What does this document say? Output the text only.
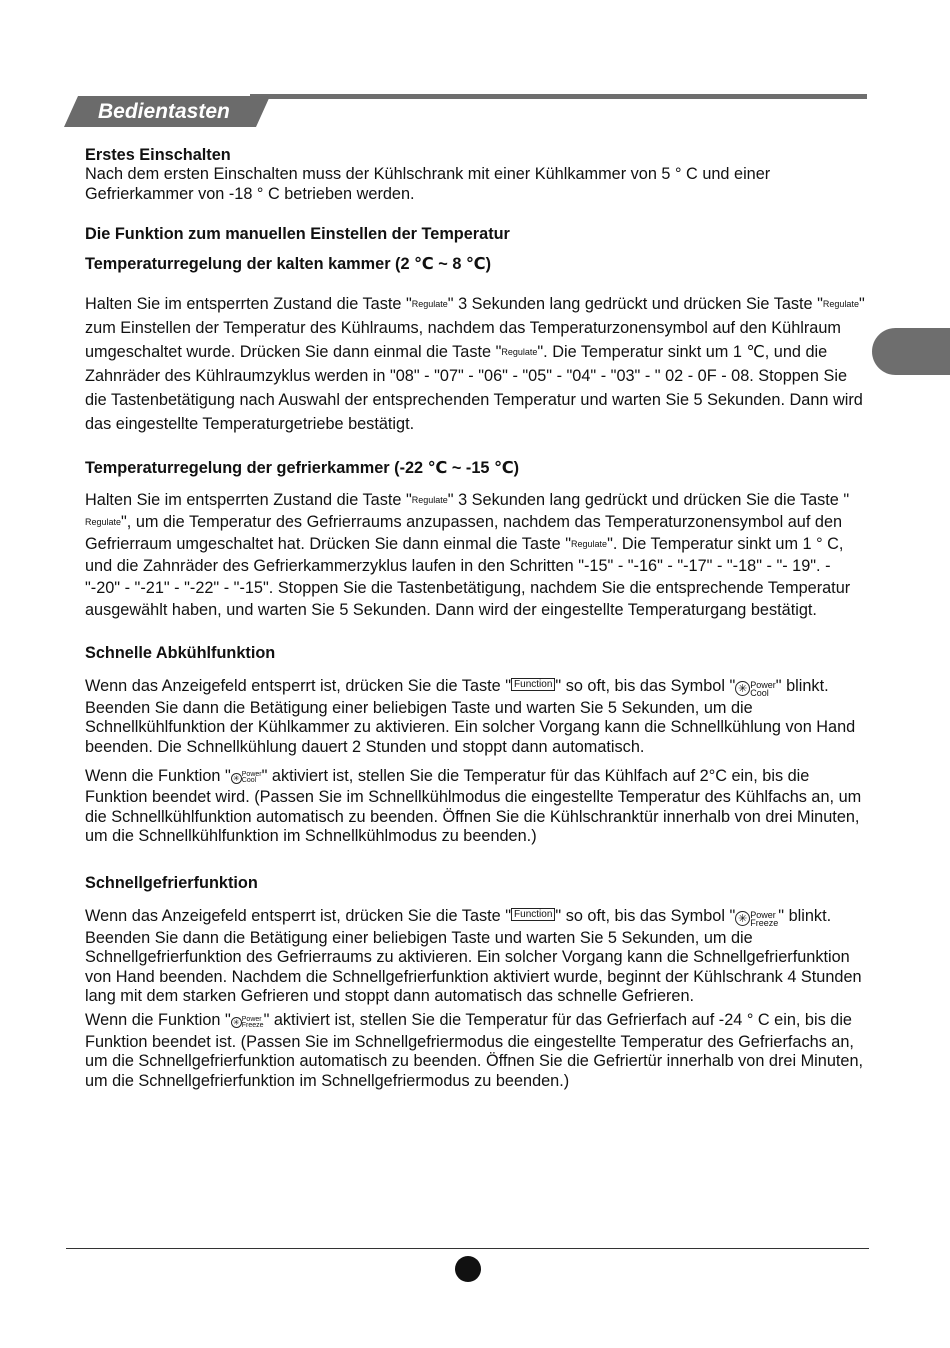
Bedientasten
Erstes Einschalten

Nach dem ersten Einschalten muss der Kühlschrank mit einer Kühlkammer von 5 ° C und einer Gefrierkammer von -18 ° C betrieben werden.

Die Funktion zum manuellen Einstellen der Temperatur
Temperaturregelung der kalten kammer (2 ℃ ~ 8 ℃)

Halten Sie im entsperrten Zustand die Taste "Regulate" 3 Sekunden lang gedrückt und drücken Sie Taste "Regulate" zum Einstellen der Temperatur des Kühlraums, nachdem das Temperaturzonensymbol auf den Kühlraum umgeschaltet wurde. Drücken Sie dann einmal die Taste "Regulate". Die Temperatur sinkt um 1 ℃, und die Zahnräder des Kühlraumzyklus werden in "08" - "07" - "06" - "05" - "04" - "03" - " 02 - 0F - 08. Stoppen Sie die Tastenbetätigung nach Auswahl der entsprechenden Temperatur und warten Sie 5 Sekunden. Dann wird das eingestellte Temperaturgetriebe bestätigt.

Temperaturregelung der gefrierkammer (-22 ℃ ~ -15 ℃)

Halten Sie im entsperrten Zustand die Taste "Regulate" 3 Sekunden lang gedrückt und drücken Sie die Taste "Regulate", um die Temperatur des Gefrierraums anzupassen, nachdem das Temperaturzonensymbol auf den Gefrierraum umgeschaltet hat. Drücken Sie dann einmal die Taste "Regulate". Die Temperatur sinkt um 1 ° C, und die Zahnräder des Gefrierkammerzyklus laufen in den Schritten "-15" - "-16" - "-17" - "-18" - "- 19". - "-20" - "-21" - "-22" - "-15". Stoppen Sie die Tastenbetätigung, nachdem Sie die entsprechende Temperatur ausgewählt haben, und warten Sie 5 Sekunden. Dann wird der eingestellte Temperaturgang bestätigt.

Schnelle Abkühlfunktion

Wenn das Anzeigefeld entsperrt ist, drücken Sie die Taste " Function " so oft, bis das Symbol " ✳ Power
Cool " blinkt. Beenden Sie dann die Betätigung einer beliebigen Taste und warten Sie 5 Sekunden, um die Schnellkühlfunktion der Kühlkammer zu aktivieren. Ein solcher Vorgang kann die Schnellkühlung von Hand beenden. Die Schnellkühlung dauert 2 Stunden und stoppt dann automatisch.

Wenn die Funktion " ✳ Power
Cool " aktiviert ist, stellen Sie die Temperatur für das Kühlfach auf 2°C ein, bis die Funktion beendet wird. (Passen Sie im Schnellkühlmodus die eingestellte Temperatur des Kühlfachs an, um die Schnellkühlfunktion automatisch zu beenden. Öffnen Sie die Kühlschranktür innerhalb von drei Minuten, um die Schnellkühlfunktion im Schnellkühlmodus zu beenden.)

Schnellgefrierfunktion

Wenn das Anzeigefeld entsperrt ist, drücken Sie die Taste " Function " so oft, bis das Symbol " ✳ Power
Freeze" blinkt. Beenden Sie dann die Betätigung einer beliebigen Taste und warten Sie 5 Sekunden, um die Schnellgefrierfunktion des Gefrierraums zu aktivieren. Ein solcher Vorgang kann die Schnellgefrierfunktion von Hand beenden. Nachdem die Schnellgefrierfunktion aktiviert wurde, beginnt der Kühlschrank 4 Stunden lang mit dem starken Gefrieren und stoppt dann automatisch das schnelle Gefrieren.

Wenn die Funktion " ✳ Power
Freeze" aktiviert ist, stellen Sie die Temperatur für das Gefrierfach auf -24 ° C ein, bis die Funktion beendet ist. (Passen Sie im Schnellgefriermodus die eingestellte Temperatur des Gefrierfachs an, um die Schnellgefrierfunktion automatisch zu beenden. Öffnen Sie die Gefriertür innerhalb von drei Minuten, um die Schnellgefrierfunktion im Schnellgefriermodus zu beenden.)
